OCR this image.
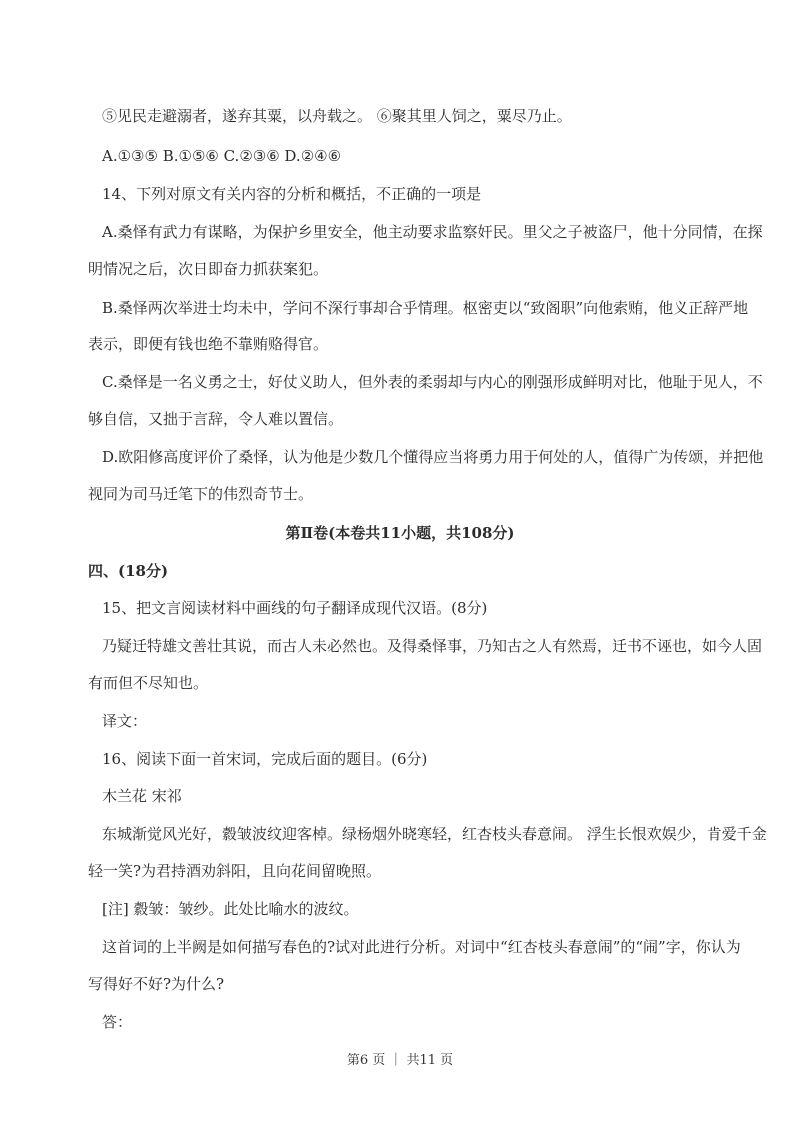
⑤见民走避溺者，遂弃其粟，以舟载之。 ⑥聚其里人饲之，粟尽乃止。
A.①③⑤ B.①⑤⑥ C.②③⑥ D.②④⑥
14、下列对原文有关内容的分析和概括，不正确的一项是
A.桑怿有武力有谋略，为保护乡里安全，他主动要求监察奸民。里父之子被盗尸，他十分同情，在探
明情况之后，次日即奋力抓获案犯。
B.桑怿两次举进士均未中，学问不深行事却合乎情理。枢密吏以“致阁职”向他索贿，他义正辞严地
表示，即便有钱也绝不靠贿赂得官。
C.桑怿是一名义勇之士，好仗义助人，但外表的柔弱却与内心的刚强形成鲜明对比，他耻于见人，不
够自信，又拙于言辞，令人难以置信。
D.欧阳修高度评价了桑怿，认为他是少数几个懂得应当将勇力用于何处的人，值得广为传颂，并把他
视同为司马迁笔下的伟烈奇节士。
第Ⅱ卷(本卷共11小题，共108分)
四、(18分)
15、把文言阅读材料中画线的句子翻译成现代汉语。(8分)
乃疑迁特雄文善壮其说，而古人未必然也。及得桑怿事，乃知古之人有然焉，迁书不诬也，如今人固
有而但不尽知也。
译文：
16、阅读下面一首宋词，完成后面的题目。(6分)
木兰花 宋祁
东城渐觉风光好，縠皱波纹迎客棹。绿杨烟外晓寒轻，红杏枝头春意闹。 浮生长恨欢娱少，肯爱千金
轻一笑?为君持酒劝斜阳，且向花间留晚照。
[注] 縠皱：皱纱。此处比喻水的波纹。
这首词的上半阙是如何描写春色的?试对此进行分析。对词中“红杏枝头春意闹”的“闹”字，你认为
写得好不好?为什么?
答：
第6 页 ｜ 共11 页
